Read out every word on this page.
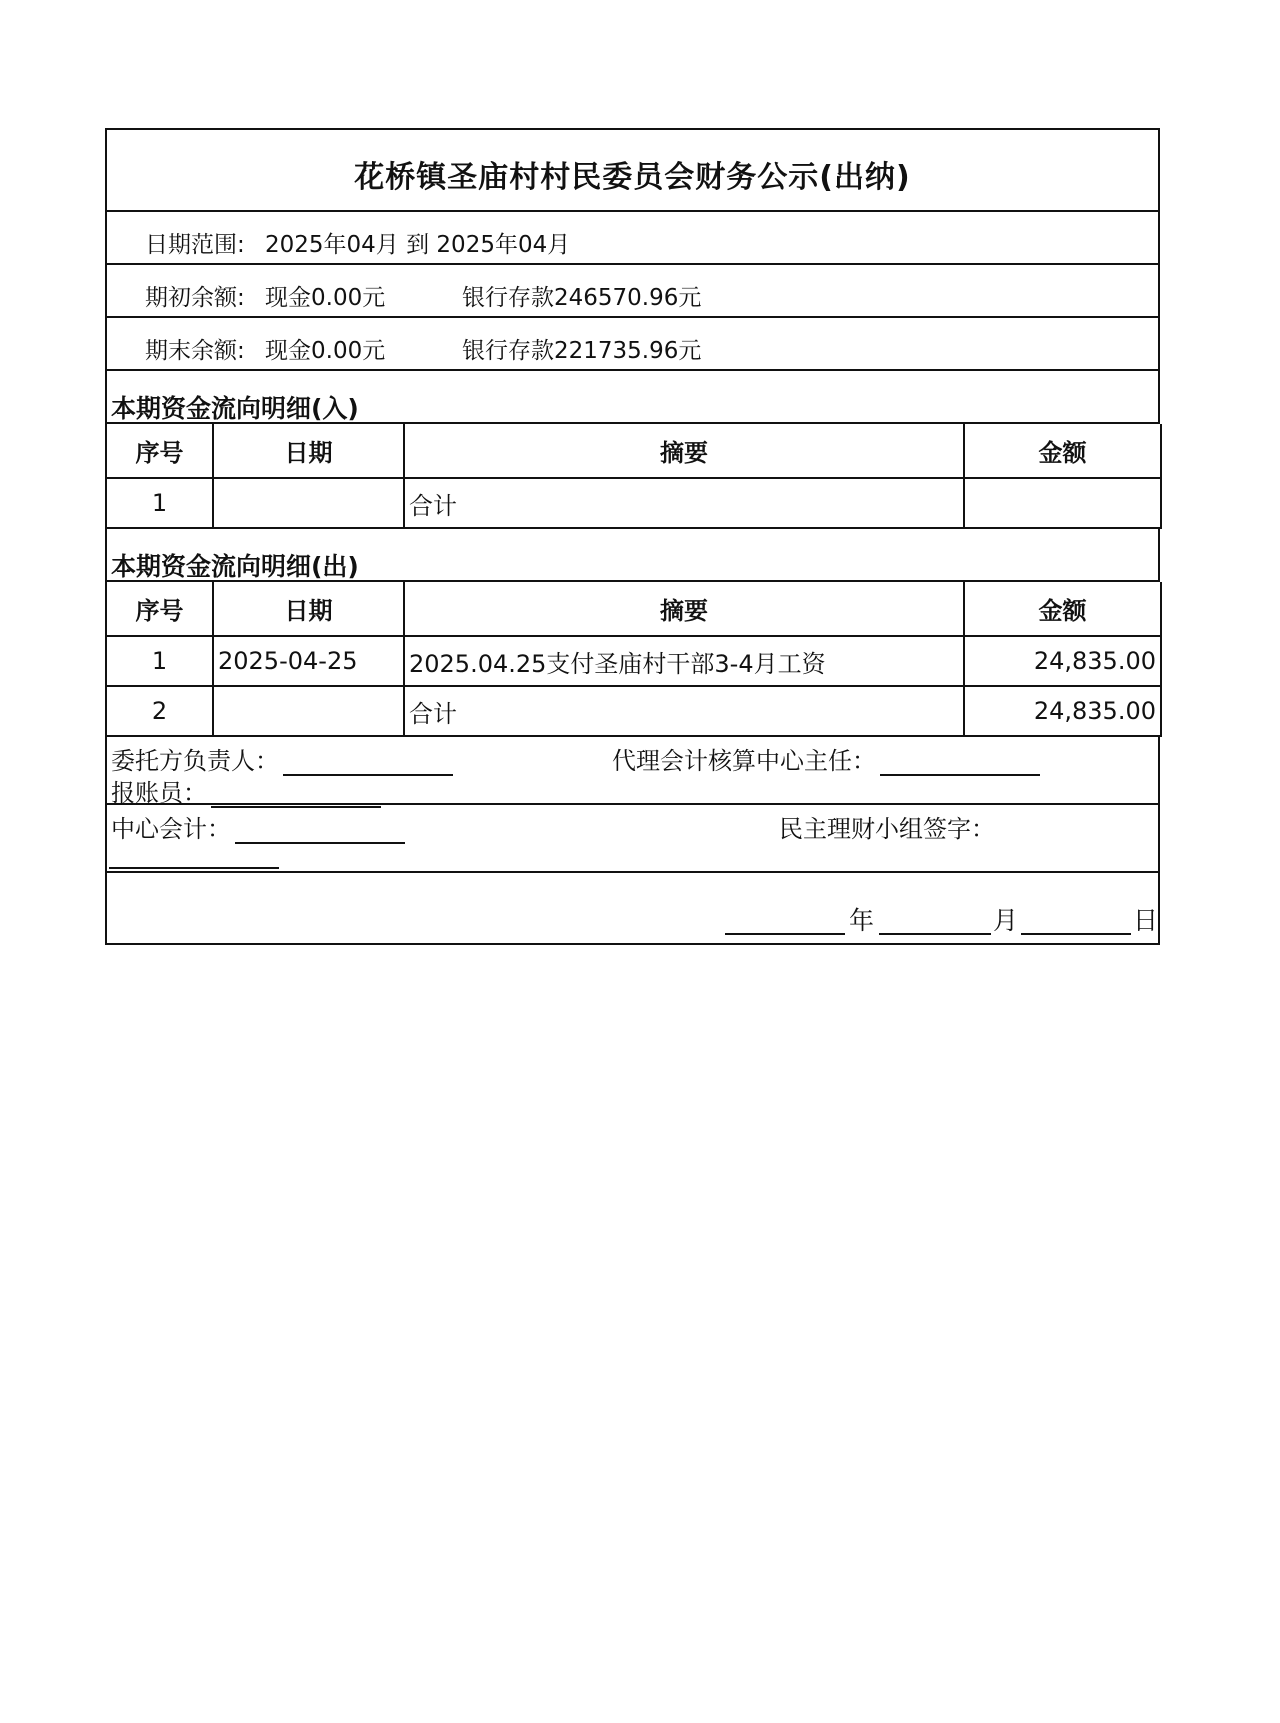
花桥镇圣庙村村民委员会财务公示(出纳)
日期范围: 2025年04月 到 2025年04月
期初余额: 现金0.00元	银行存款246570.96元
期末余额: 现金0.00元	银行存款221735.96元
本期资金流向明细(入)
序号	日期	摘要	金额
1		合计	
本期资金流向明细(出)
序号	日期	摘要	金额
1	2025-04-25	2025.04.25支付圣庙村干部3-4月工资	24,835.00
2		合计	24,835.00
委托方负责人：	代理会计核算中心主任：
报账员：
中心会计：	民主理财小组签字：
年	月	日
